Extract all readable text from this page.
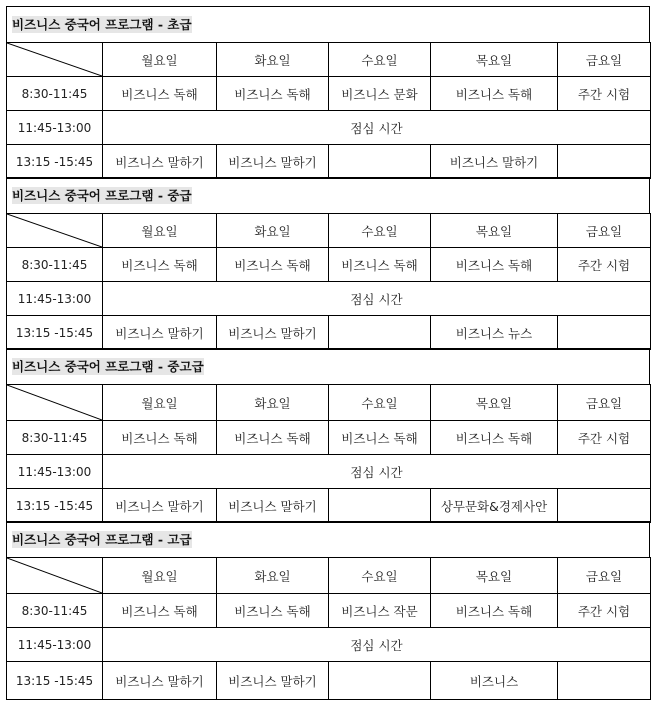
비즈니스 중국어 프로그램 - 초급
	월요일	화요일	수요일	목요일	금요일
8:30-11:45	비즈니스 독해	비즈니스 독해	비즈니스 문화	비즈니스 독해	주간 시험
11:45-13:00	점심 시간				
13:15 -15:45	비즈니스 말하기	비즈니스 말하기		비즈니스 말하기	
비즈니스 중국어 프로그램 - 중급
	월요일	화요일	수요일	목요일	금요일
8:30-11:45	비즈니스 독해	비즈니스 독해	비즈니스 독해	비즈니스 독해	주간 시험
11:45-13:00	점심 시간				
13:15 -15:45	비즈니스 말하기	비즈니스 말하기		비즈니스 뉴스	
비즈니스 중국어 프로그램 - 중고급
	월요일	화요일	수요일	목요일	금요일
8:30-11:45	비즈니스 독해	비즈니스 독해	비즈니스 독해	비즈니스 독해	주간 시험
11:45-13:00	점심 시간				
13:15 -15:45	비즈니스 말하기	비즈니스 말하기		상무문화&경제사안	
비즈니스 중국어 프로그램 - 고급
	월요일	화요일	수요일	목요일	금요일
8:30-11:45	비즈니스 독해	비즈니스 독해	비즈니스 작문	비즈니스 독해	주간 시험
11:45-13:00	점심 시간				
13:15 -15:45	비즈니스 말하기	비즈니스 말하기		비즈니스	
